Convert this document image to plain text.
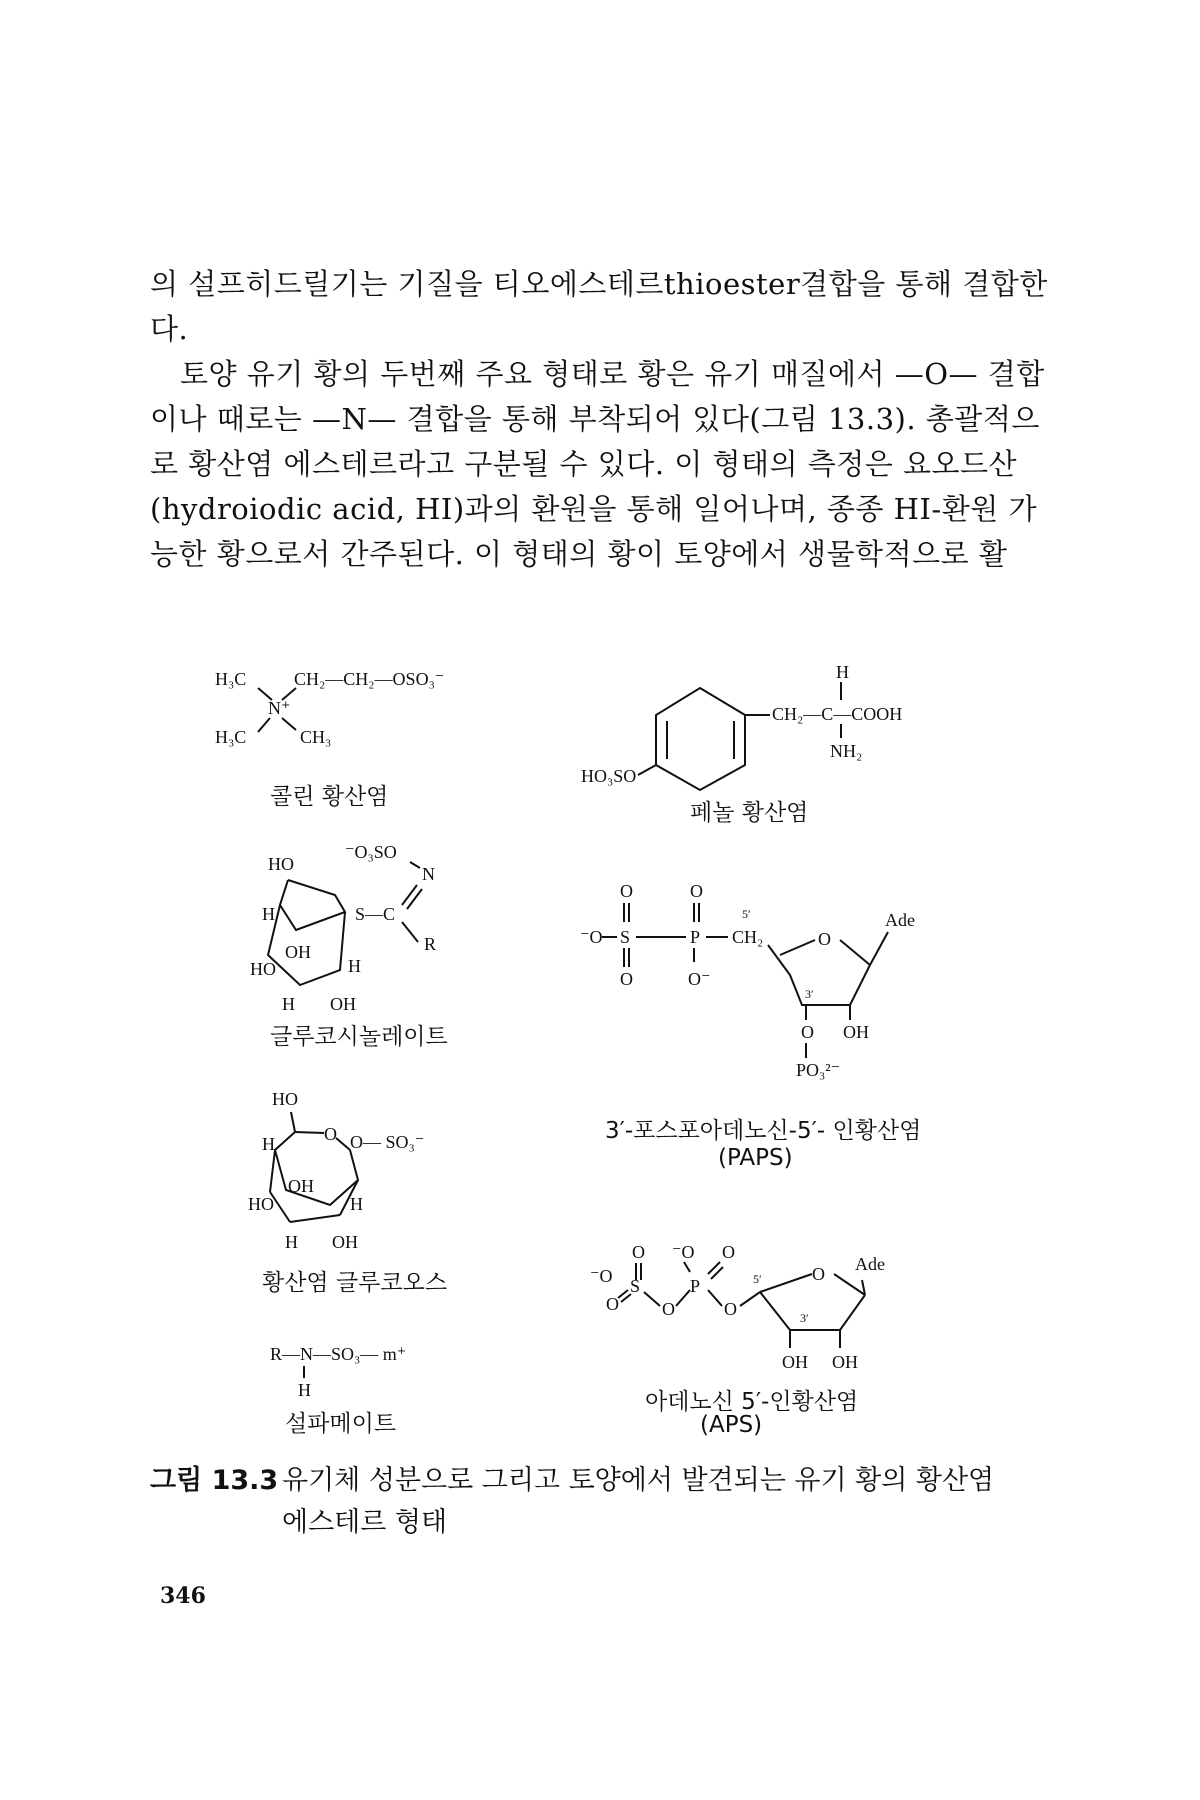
의 설프히드릴기는 기질을 티오에스테르thioester결합을 통해 결합한다.

토양 유기 황의 두번째 주요 형태로 황은 유기 매질에서 —O— 결합이나 때로는 —N— 결합을 통해 부착되어 있다(그림 13.3). 총괄적으로 황산염 에스테르라고 구분될 수 있다. 이 형태의 측정은 요오드산(hydroiodic acid, HI)과의 환원을 통해 일어나며, 종종 HI-환원 가능한 황으로서 간주된다. 이 형태의 황이 토양에서 생물학적으로 활

H₃C	CH₂—CH₂—OSO₃⁻
N⁺
H₃C	CH₃
CH₂—C—COOH
H
NH₂
HO₃SO
HO
⁻O₃SO
N
S—C
R
H
OH
HO	H
H OH
O	O
⁻O S	P
5′
CH₂
O	O⁻
O
Ade
3′
O OH
PO₃²⁻
HO
O O— SO₃⁻
H
OH
HO	H
H OH	O ⁻O O
⁻O S
O O
P
O
5′	O Ade
3′
OH OH
R—N—SO₃— m⁺
H
콜린 황산염
페놀 황산염
글루코시놀레이트
3′-포스포아데노신-5′- 인황산염
(PAPS)
황산염 글루코오스
아데노신 5′-인황산염
(APS)
설파메이트
그림 13.3 유기체 성분으로 그리고 토양에서 발견되는 유기 황의 황산염
에스테르 형태
346
